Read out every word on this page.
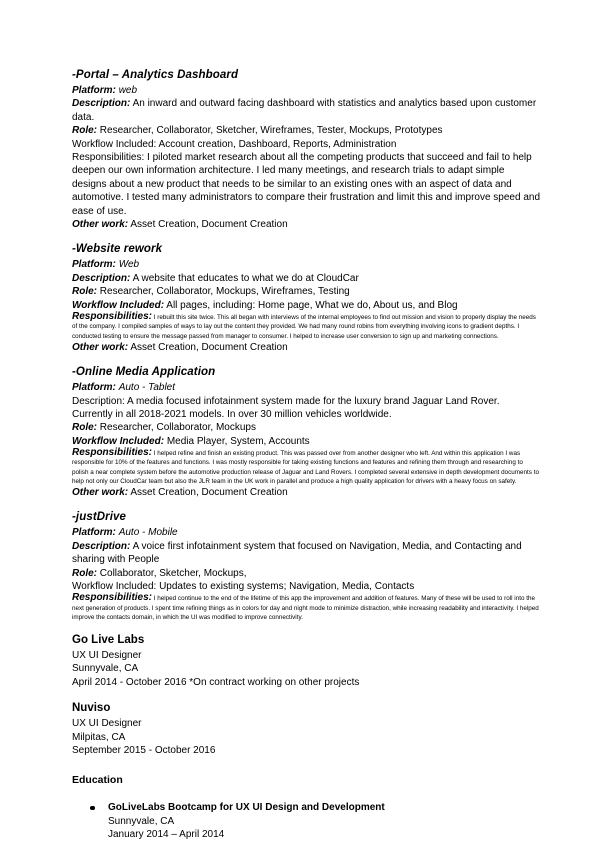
-Portal – Analytics Dashboard

Platform: web

Description: An inward and outward facing dashboard with statistics and analytics based upon customer data.

Role: Researcher, Collaborator, Sketcher, Wireframes, Tester, Mockups, Prototypes

Workflow Included: Account creation, Dashboard, Reports, Administration

Responsibilities: I piloted market research about all the competing products that succeed and fail to help deepen our own information architecture. I led many meetings, and research trials to adapt simple designs about a new product that needs to be similar to an existing ones with an aspect of data and automotive. I tested many administrators to compare their frustration and limit this and improve speed and ease of use.

Other work: Asset Creation, Document Creation

-Website rework

Platform: Web

Description: A website that educates to what we do at CloudCar

Role: Researcher, Collaborator, Mockups, Wireframes, Testing

Workflow Included: All pages, including: Home page, What we do, About us, and Blog

Responsibilities: I rebuilt this site twice. This all began with interviews of the internal employees to find out mission and vision to properly display the needs of the company. I compiled samples of ways to lay out the content they provided. We had many round robins from everything involving icons to gradient depths. I conducted testing to ensure the message passed from manager to consumer. I helped to increase user conversion to sign up and marketing connections.

Other work: Asset Creation, Document Creation

-Online Media Application

Platform: Auto - Tablet

Description: A media focused infotainment system made for the luxury brand Jaguar Land Rover. Currently in all 2018-2021 models. In over 30 million vehicles worldwide.

Role: Researcher, Collaborator, Mockups

Workflow Included: Media Player, System, Accounts

Responsibilities: I helped refine and finish an existing product. This was passed over from another designer who left. And within this application I was responsible for 10% of the features and functions. I was mostly responsible for taking existing functions and features and refining them through and researching to polish a near complete system before the automotive production release of Jaguar and Land Rovers. I completed several extensive in depth development documents to help not only our CloudCar team but also the JLR team in the UK work in parallel and produce a high quality application for drivers with a heavy focus on safety.

Other work: Asset Creation, Document Creation

-justDrive

Platform: Auto - Mobile

Description: A voice first infotainment system that focused on Navigation, Media, and Contacting and sharing with People

Role: Collaborator, Sketcher, Mockups,

Workflow Included: Updates to existing systems; Navigation, Media, Contacts

Responsibilities: I helped continue to the end of the lifetime of this app the improvement and addition of features. Many of these will be used to roll into the next generation of products. I spent time refining things as in colors for day and night mode to minimize distraction, while increasing readability and interactivity. I helped improve the contacts domain, in which the UI was modified to improve connectivity.

Go Live Labs

UX UI Designer

Sunnyvale, CA

April 2014 - October 2016 *On contract working on other projects

Nuviso

UX UI Designer

Milpitas, CA

September 2015 - October 2016

Education

GoLiveLabs Bootcamp for UX UI Design and Development

Sunnyvale, CA

January 2014 – April 2014
